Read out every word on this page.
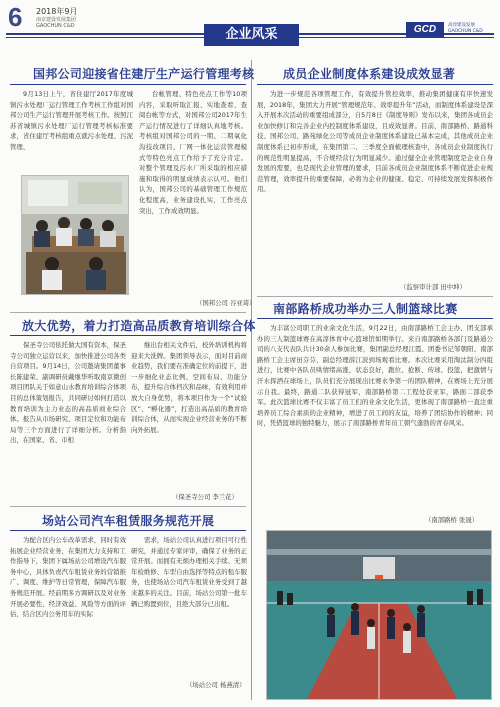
6 2018年9月
南京建设发展集团
GAOCHUN C&D
企业风采	GCD	高淳建设发展
GAOCHUN C&D
国邦公司迎接省住建厅生产运行管理考核

9月13日上午，省住建厅2017年度城镇污水处理厂运行管理工作考核工作组对国邦公司生产运行管理开展考核工作。按照江苏省城镇污水处理厂运行管理考核标准要求，省住建厅考核组重点就污水处理、污泥管理、

台帐管理、特色亮点工作等10项内容，采取听取汇报、实地查看、查阅台帐等方式，对国邦公司2017年生产运行情况进行了详细认真地考核。考核组对国邦公司的一期、二期氧化沟技改项目、厂网一体化运营管理模式等特色亮点工作给予了充分肯定。对整个管理及污水厂所采取的相应措施和取得的明显成绩表示认可。他们认为，国邦公司的基础管理工作规范化程度高，业务建设扎实，工作亮点突出，工作成效明显。

（国邦公司 谷亚琦）
放大优势，着力打造高品质教育培训综合体

保圣寺公司依托做大国有资本，保圣寺公司独立运营以来，加快推进公司各类自营项目。9月14日，公司邀请集团董事长陈建荣、副调研员戴继华听取南京微创项目团队关于如意山水教育培训综合体项目的总体策划报告，共同研讨如何打造以教育培训为主力业态的高品质商业综合体。报告从市场研究、项目定位和功能布局等三个方面进行了详细分析。分析指出，在国家、省、市相

继出台相关文件后，校外培训机构将迎来大洗牌。集团领导表示，面对目前商业趋势，我们要在准确定位的前提下，进一步细化业态比例、空间布局、功能分布，提升综合体档次和品味，有效利用并放大自身优势，将本项目作为一个“试验区”、“孵化器”，打造出高品质的教育培训综合体，从而实现企业经营业务的不断向外拓展。

（保圣寺公司 李兰花）
场站公司汽车租赁服务规范开展

为配合区内公车改革需求，同时有效拓展企业经营业务，在集团大力支持和工作指导下，集团下属场站公司增设汽车服务中心，具体负责汽车租赁业务的营销推广、调度、维护等日常管理，保障汽车服务规范开展。经前期多方调研以及对业务开展必要性、经济效益、风险等方面的评估，结合区内公务用车的实际

需求，场站公司认真进行项目可行性研究，并通过专家评审，确保了业务的正常开展。而拥有无烦办理相关手续、无须年检维修、车型自由选择等特点的租车服务，也使场站公司汽车租赁业务受到了越来越多的关注。目前，场站公司第一批车辆已购置到位，且绝大部分已出租。

（场站公司 杨燕清）
成员企业制度体系建设成效显著

为进一步规范各项管理工作，有效提升管控效率，推动集团健康有序快速发展，2018年，集团大力开展“管理规范年、效率提升年”活动，而制度体系建设是深入开展本次活动的重要组成部分，自5月8日《制度导则》发布以来，集团各成员企业加快修订和完善企业内控制度体系建设，且成效显著。目前，南部路桥、路通科技、国邦公司、路苑绿化公司等成员企业制度体系建设已基本完成，其他成员企业制度体系已初步形成，在集团第二、三季度全面梳理核查中，各成员企业制度执行的规范性明显提高，不合规经营行为明显减少。通过健全企业管理制度是企业自身发展的需要，也是现代企业管理的要求，目前各成员企业制度体系不断促进企业规范管理，效率提升的重要保障，必将为企业的健康、稳定、可持续发展发挥积极作用。

（监察审计部 田中坤）
南部路桥成功举办三人制篮球比赛

为丰富公司职工的业余文化生活，9月22日，由南部路桥工会主办、团支部承办的三人制篮球赛在高淳体育中心篮球馆如期举行。来自南部路桥各部门及路通公司的八支代表队共计30余人参加比赛，集团副总经理江霞、团委书记邹朝阳、南部路桥工会主席田芬芬、副总经理薛江波到场观看比赛。本次比赛采用淘汰制分四组进行，比赛中各队员哄情绪高涨，状态良好，跑位、抢断、传球、投篮，把激情与汗水挥洒在球场上，队员们充分展现出比赛永争第一的团队精神，在赛场上充分展示自我。最终，路通二队获得冠军，南部路桥第二工程处获亚军，路面二部获季军。此次篮球比赛不仅丰富了员工们的业余文化生活，更体现了南部路桥一直注重培养员工综合素质的企业精神，增进了员工间的友谊，培养了团结协作的精神；同时，凭借篮球的独特魅力，展示了南部路桥青年员工朝气蓬勃的青春风采。

（南部路桥 张晟）
